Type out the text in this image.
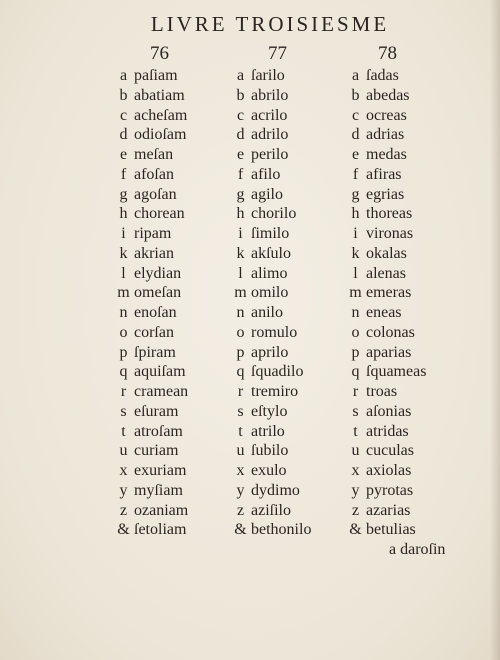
LIVRE TROISIESME
76	77	78
a paſiam
b abatiam
c acheſam
d odioſam
e meſan
f afoſan
g agoſan
h chorean
i ripam
k akrian
l elydian
m omeſan
n enoſan
o corſan
p ſpiram
q aquiſam
r cramean
s eſuram
t atroſam
u curiam
x exuriam
y myſiam
z ozaniam
& ſetoliam
a ſarilo
b abrilo
c acrilo
d adrilo
e perilo
f afilo
g agilo
h chorilo
i ſimilo
k akſulo
l alimo
m omilo
n anilo
o romulo
p aprilo
q ſquadilo
r tremiro
s eſtylo
t atrilo
u ſubilo
x exulo
y dydimo
z aziſilo
& bethonilo
a ſadas
b abedas
c ocreas
d adrias
e medas
f afiras
g egrias
h thoreas
i vironas
k okalas
l alenas
m emeras
n eneas
o colonas
p aparias
q ſquameas
r troas
s aſonias
t atridas
u cuculas
x axiolas
y pyrotas
z azarias
& betulias
a daroſin
